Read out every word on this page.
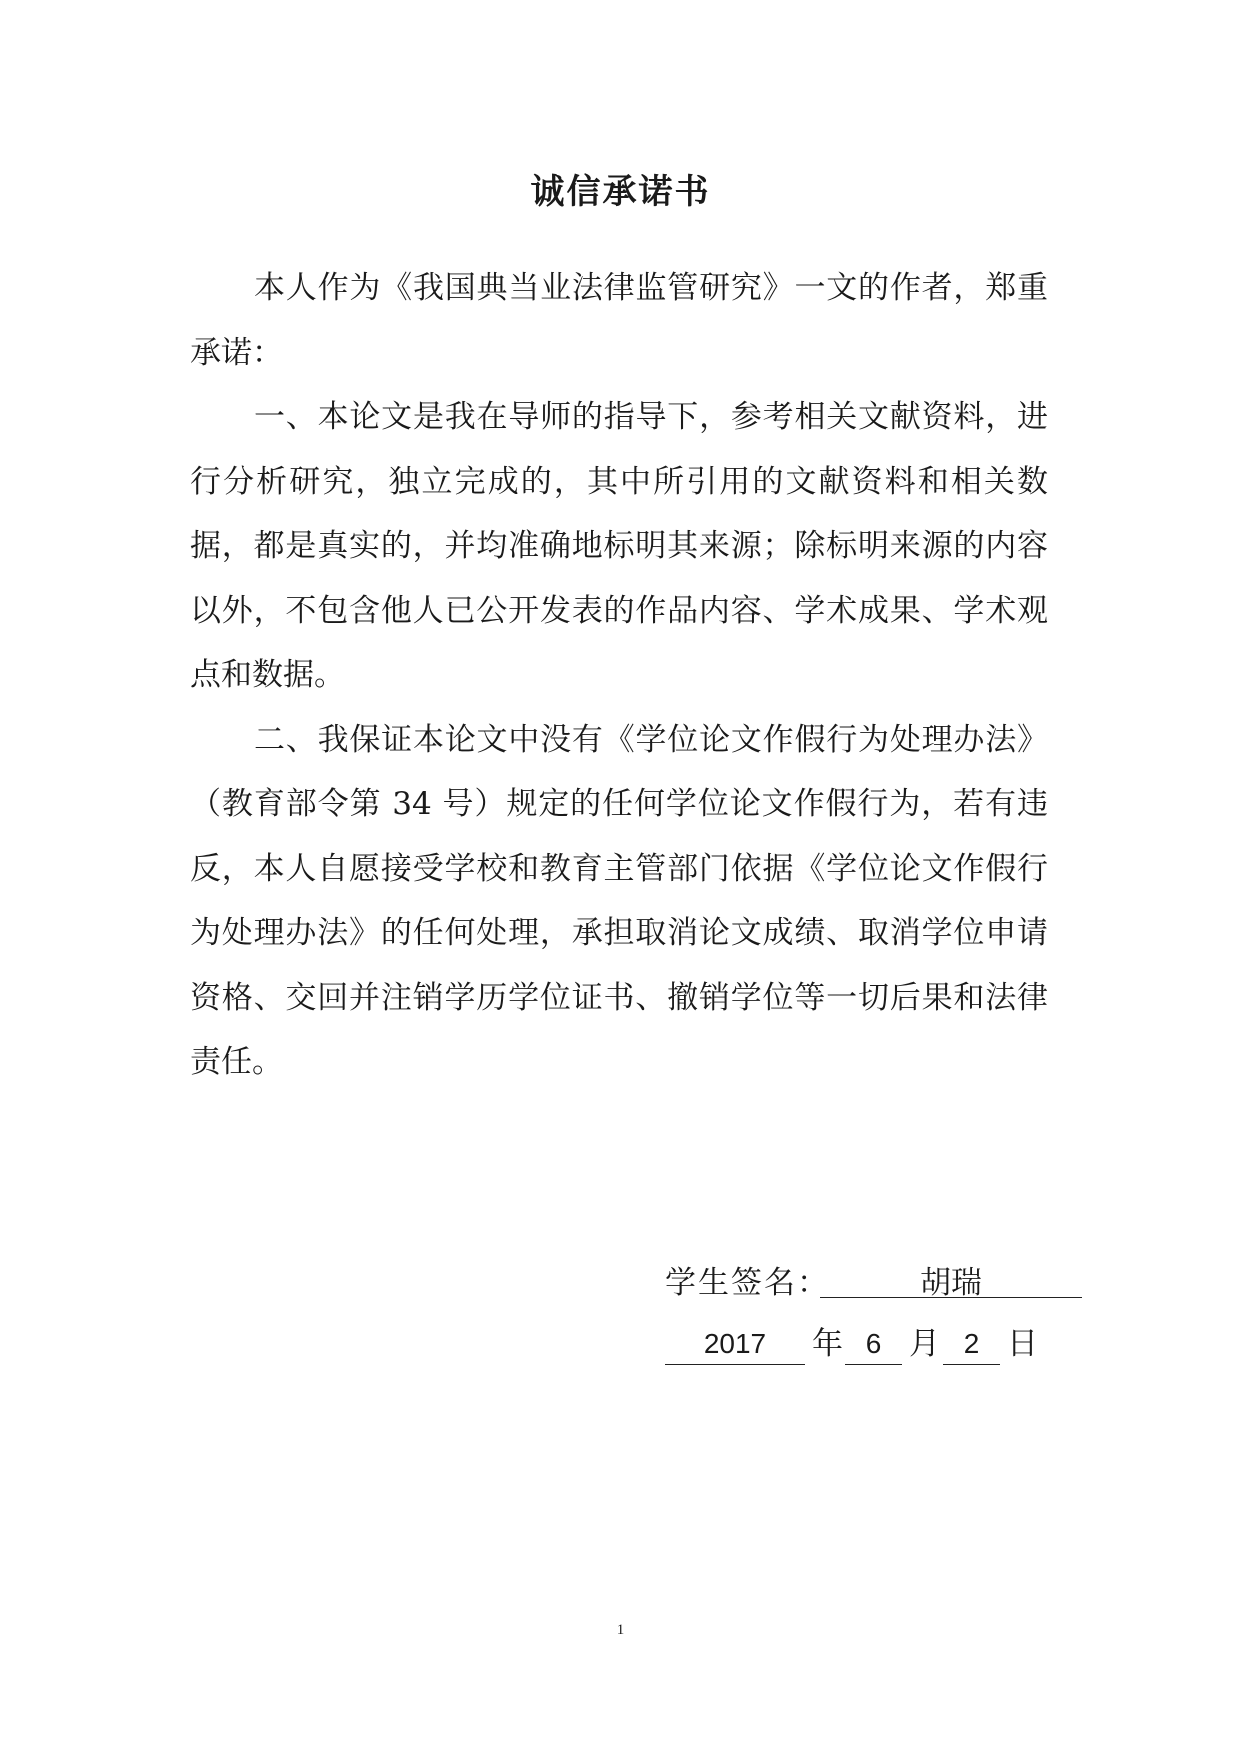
诚信承诺书

本人作为《我国典当业法律监管研究》一文的作者，郑重承诺：

一、本论文是我在导师的指导下，参考相关文献资料，进行分析研究，独立完成的，其中所引用的文献资料和相关数据，都是真实的，并均准确地标明其来源；除标明来源的内容以外，不包含他人已公开发表的作品内容、学术成果、学术观点和数据。

二、我保证本论文中没有《学位论文作假行为处理办法》（教育部令第 34 号）规定的任何学位论文作假行为，若有违反，本人自愿接受学校和教育主管部门依据《学位论文作假行为处理办法》的任何处理，承担取消论文成绩、取消学位申请资格、交回并注销学历学位证书、撤销学位等一切后果和法律责任。

学生签名：	胡瑞
2017	年 6 月 2 日
1
